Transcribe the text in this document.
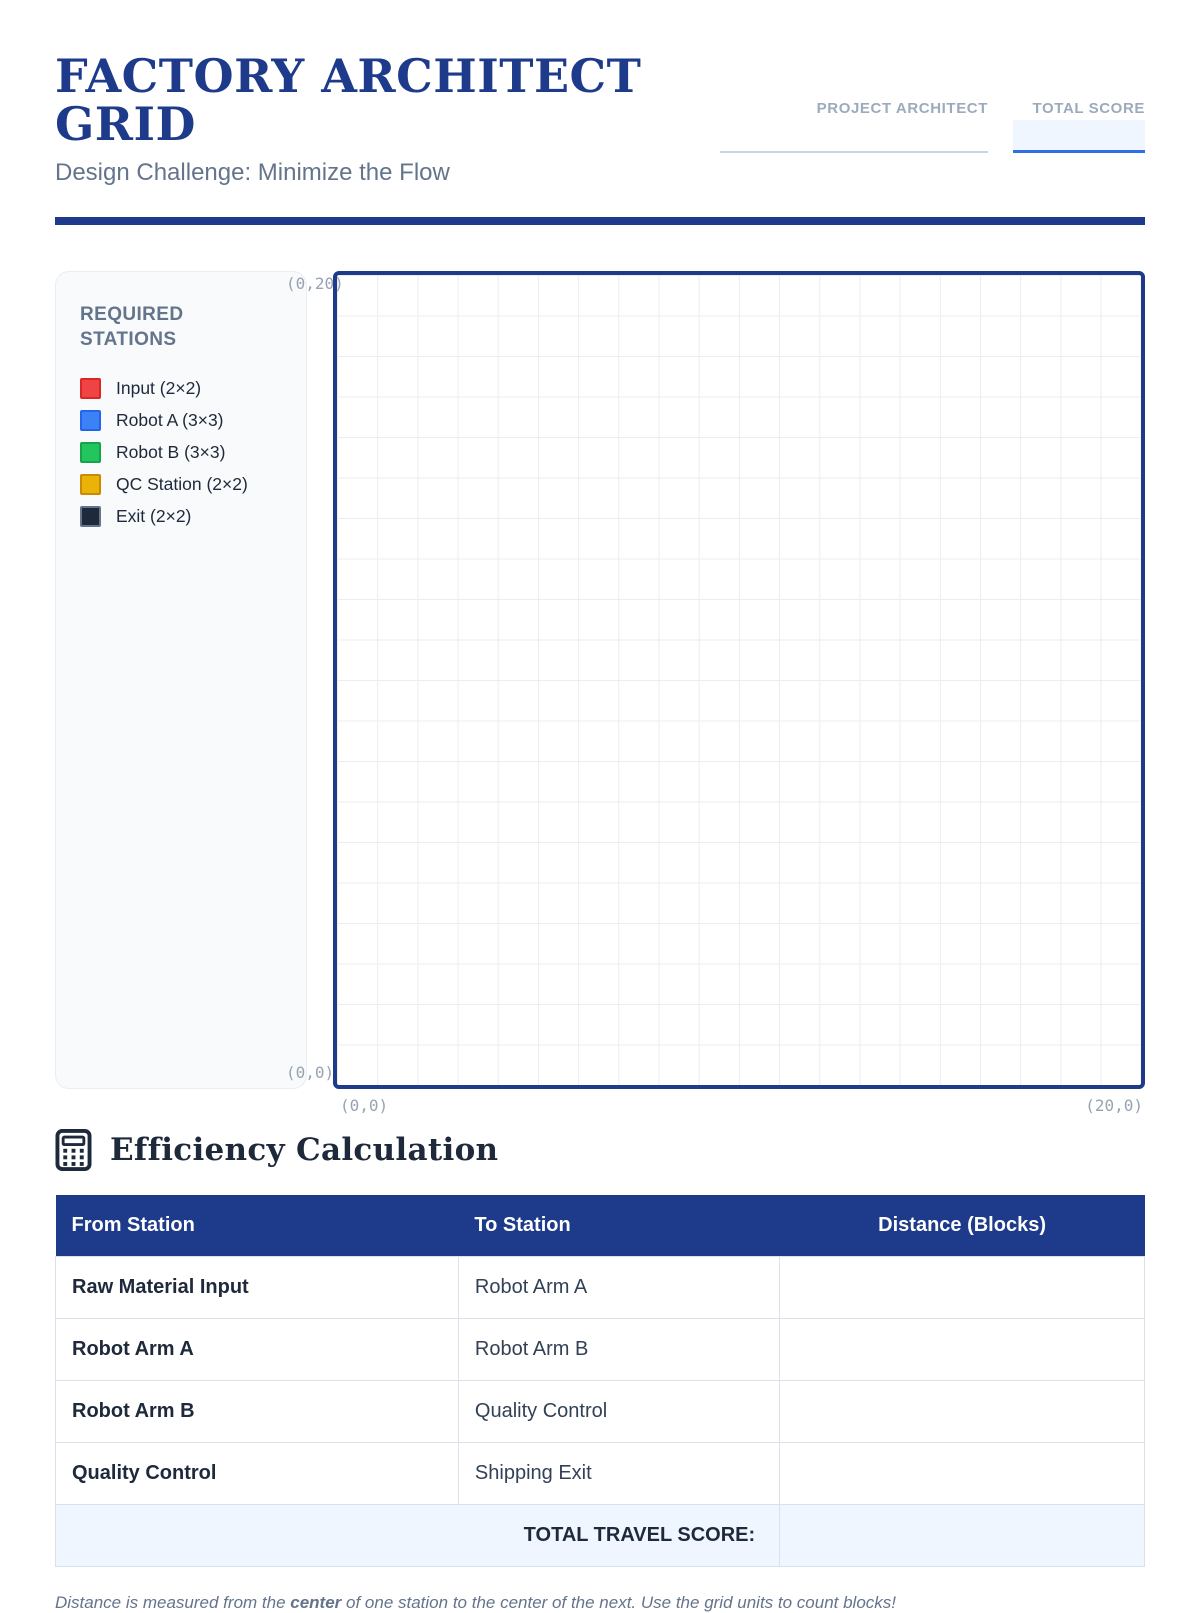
FACTORY ARCHITECT GRID

Design Challenge: Minimize the Flow

PROJECT ARCHITECT	TOTAL SCORE
REQUIRED STATIONS
Input (2×2)
Robot A (3×3)
Robot B (3×3)
QC Station (2×2)
Exit (2×2)
(0,20)
(0,0)
(0,0)	(20,0)
Efficiency Calculation
From Station	To Station	Distance (Blocks)
Raw Material Input	Robot Arm A	
Robot Arm A	Robot Arm B	
Robot Arm B	Quality Control	
Quality Control	Shipping Exit	
TOTAL TRAVEL SCORE:		

Distance is measured from the center of one station to the center of the next. Use the grid units to count blocks!
